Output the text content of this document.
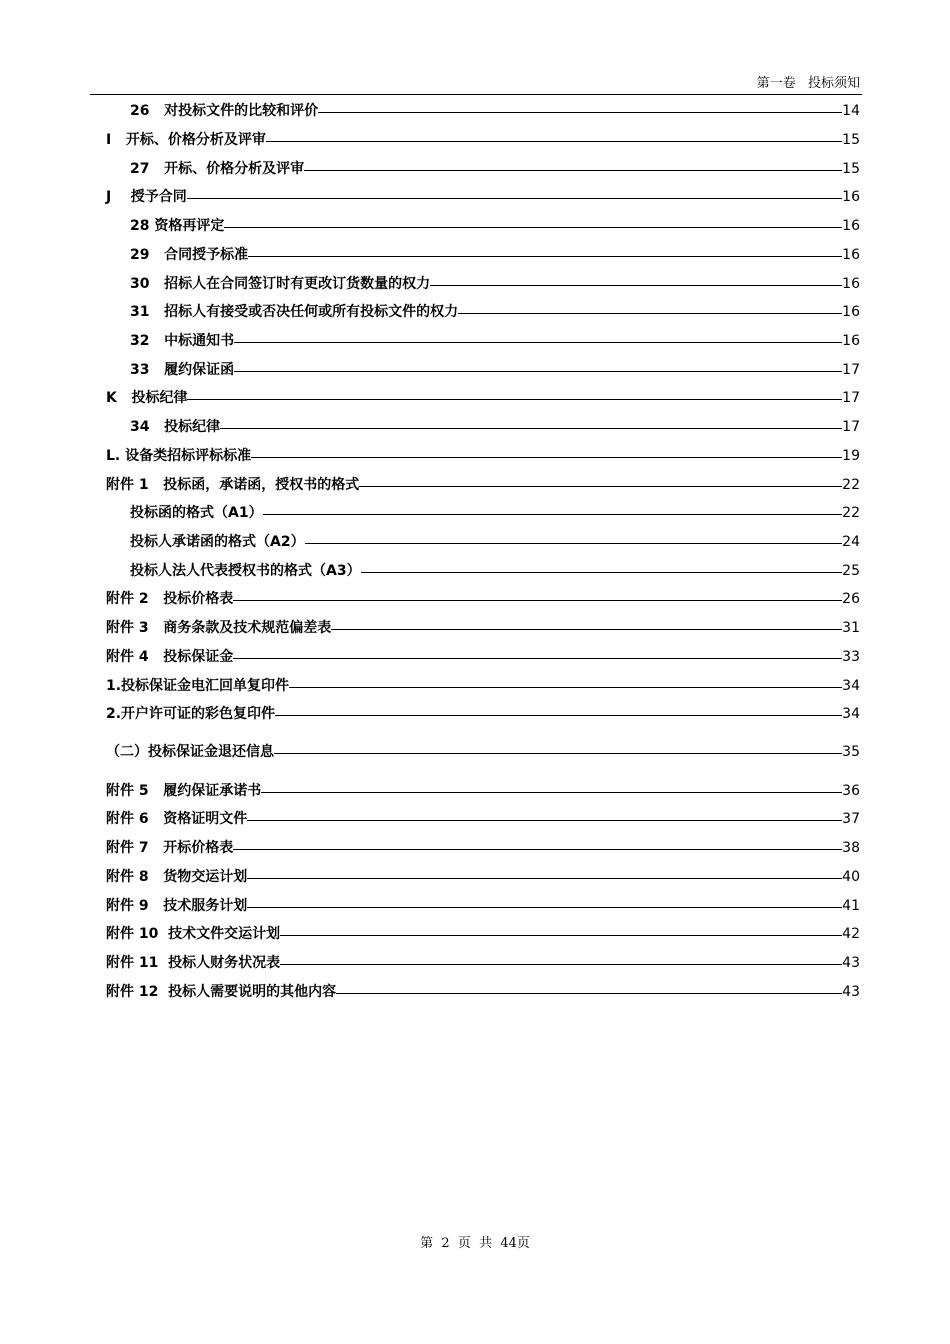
第一卷   投标须知
26   对投标文件的比较和评价	14
I   开标、价格分析及评审	15
27   开标、价格分析及评审	15
J    授予合同	16
28 资格再评定	16
29   合同授予标准	16
30   招标人在合同签订时有更改订货数量的权力	16
31   招标人有接受或否决任何或所有投标文件的权力	16
32   中标通知书	16
33   履约保证函	17
K   投标纪律	17
34   投标纪律	17
L. 设备类招标评标标准	19
附件 1   投标函，承诺函，授权书的格式	22
投标函的格式（A1）	22
投标人承诺函的格式（A2）	24
投标人法人代表授权书的格式（A3）	25
附件 2   投标价格表	26
附件 3   商务条款及技术规范偏差表	31
附件 4   投标保证金	33
1.投标保证金电汇回单复印件	34
2.开户许可证的彩色复印件	34
（二）投标保证金退还信息	35
附件 5   履约保证承诺书	36
附件 6   资格证明文件	37
附件 7   开标价格表	38
附件 8   货物交运计划	40
附件 9   技术服务计划	41
附件 10  技术文件交运计划	42
附件 11  投标人财务状况表	43
附件 12  投标人需要说明的其他内容	43
第  2  页  共  44页
